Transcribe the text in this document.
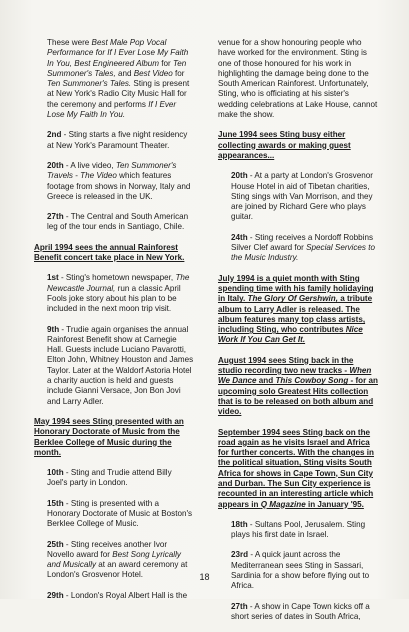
These were Best Male Pop Vocal Performance for If I Ever Lose My Faith In You, Best Engineered Album for Ten Summoner's Tales, and Best Video for Ten Summoner's Tales. Sting is present at New York's Radio City Music Hall for the ceremony and performs If I Ever Lose My Faith In You.

2nd - Sting starts a five night residency at New York's Paramount Theater.

20th - A live video, Ten Summoner's Travels - The Video which features footage from shows in Norway, Italy and Greece is released in the UK.

27th - The Central and South American leg of the tour ends in Santiago, Chile.

April 1994 sees the annual Rainforest Benefit concert take place in New York.

1st - Sting's hometown newspaper, The Newcastle Journal, run a classic April Fools joke story about his plan to be included in the next moon trip visit.

9th - Trudie again organises the annual Rainforest Benefit show at Carnegie Hall. Guests include Luciano Pavarotti, Elton John, Whitney Houston and James Taylor. Later at the Waldorf Astoria Hotel a charity auction is held and guests include Gianni Versace, Jon Bon Jovi and Larry Adler.

May 1994 sees Sting presented with an Honorary Doctorate of Music from the Berklee College of Music during the month.

10th - Sting and Trudie attend Billy Joel's party in London.

15th - Sting is presented with a Honorary Doctorate of Music at Boston's Berklee College of Music.

25th - Sting receives another Ivor Novello award for Best Song Lyrically and Musically at an award ceremony at London's Grosvenor Hotel.

29th - London's Royal Albert Hall is the

venue for a show honouring people who have worked for the environment. Sting is one of those honoured for his work in highlighting the damage being done to the South American Rainforest. Unfortunately, Sting, who is officiating at his sister's wedding celebrations at Lake House, cannot make the show.

June 1994 sees Sting busy either collecting awards or making guest appearances...

20th - At a party at London's Grosvenor House Hotel in aid of Tibetan charities, Sting sings with Van Morrison, and they are joined by Richard Gere who plays guitar.

24th - Sting receives a Nordoff Robbins Silver Clef award for Special Services to the Music Industry.

July 1994 is a quiet month with Sting spending time with his family holidaying in Italy. The Glory Of Gershwin, a tribute album to Larry Adler is released. The album features many top class artists, including Sting, who contributes Nice Work If You Can Get It.

August 1994 sees Sting back in the studio recording two new tracks - When We Dance and This Cowboy Song - for an upcoming solo Greatest Hits collection that is to be released on both album and video.

September 1994 sees Sting back on the road again as he visits Israel and Africa for further concerts. With the changes in the political situation, Sting visits South Africa for shows in Cape Town, Sun City and Durban. The Sun City experience is recounted in an interesting article which appears in Q Magazine in January '95.

18th - Sultans Pool, Jerusalem. Sting plays his first date in Israel.

23rd - A quick jaunt across the Mediterranean sees Sting in Sassari, Sardinia for a show before flying out to Africa.

27th - A show in Cape Town kicks off a short series of dates in South Africa,

18
